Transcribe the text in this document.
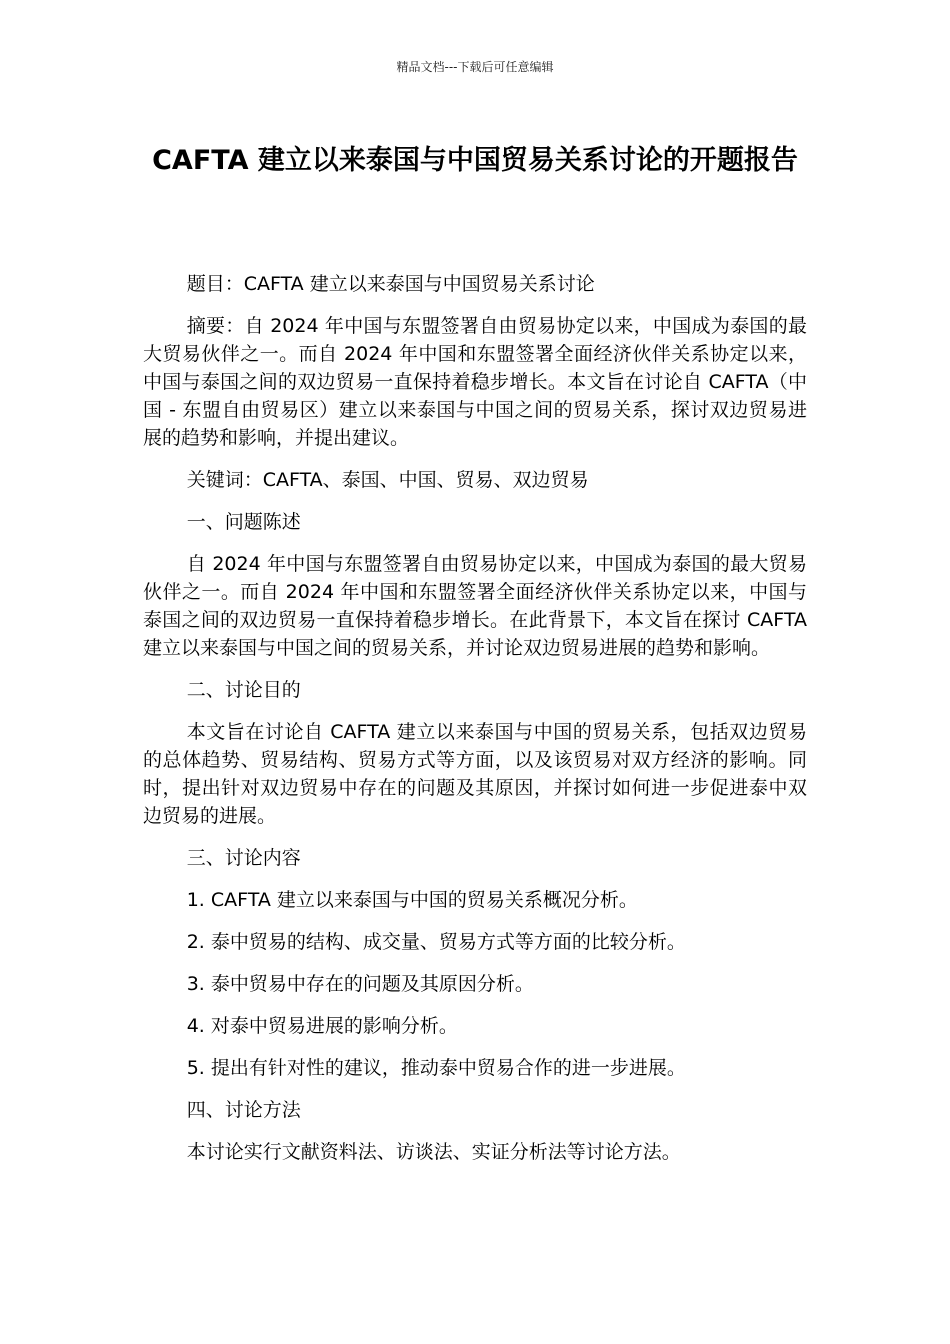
精品文档---下载后可任意编辑
CAFTA 建立以来泰国与中国贸易关系讨论的开题报告

题目：CAFTA 建立以来泰国与中国贸易关系讨论

摘要：自 2024 年中国与东盟签署自由贸易协定以来，中国成为泰国的最大贸易伙伴之一。而自 2024 年中国和东盟签署全面经济伙伴关系协定以来，中国与泰国之间的双边贸易一直保持着稳步增长。本文旨在讨论自 CAFTA（中国 - 东盟自由贸易区）建立以来泰国与中国之间的贸易关系，探讨双边贸易进展的趋势和影响，并提出建议。

关键词：CAFTA、泰国、中国、贸易、双边贸易

一、问题陈述

自 2024 年中国与东盟签署自由贸易协定以来，中国成为泰国的最大贸易伙伴之一。而自 2024 年中国和东盟签署全面经济伙伴关系协定以来，中国与泰国之间的双边贸易一直保持着稳步增长。在此背景下，本文旨在探讨 CAFTA 建立以来泰国与中国之间的贸易关系，并讨论双边贸易进展的趋势和影响。

二、讨论目的

本文旨在讨论自 CAFTA 建立以来泰国与中国的贸易关系，包括双边贸易的总体趋势、贸易结构、贸易方式等方面，以及该贸易对双方经济的影响。同时，提出针对双边贸易中存在的问题及其原因，并探讨如何进一步促进泰中双边贸易的进展。

三、讨论内容

1. CAFTA 建立以来泰国与中国的贸易关系概况分析。

2. 泰中贸易的结构、成交量、贸易方式等方面的比较分析。

3. 泰中贸易中存在的问题及其原因分析。

4. 对泰中贸易进展的影响分析。

5. 提出有针对性的建议，推动泰中贸易合作的进一步进展。

四、讨论方法

本讨论实行文献资料法、访谈法、实证分析法等讨论方法。
